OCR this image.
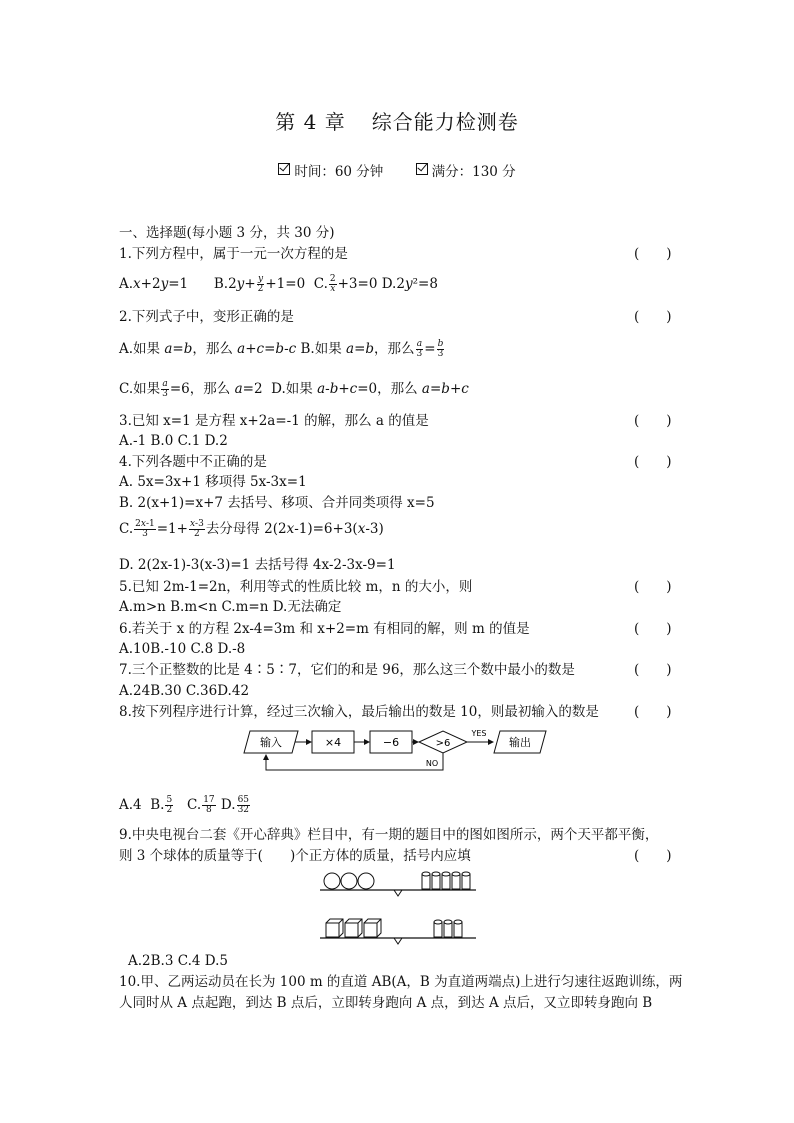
第 4 章 综合能力检测卷
时间：60 分钟	满分：130 分
一、选择题(每小题 3 分，共 30 分)
1.下列方程中，属于一元一次方程的是	(　　)
A.x+2y=1      $B.2y+ \frac{y}{2} +1=0$  C. $\frac{2}{x} +3=0$ D.2y²=8
2.下列式子中，变形正确的是	(　　)
A.如果 a=b，那么 a+c=b-c B.如果 a=b，那么 $\frac{a}{3} = \frac{b}{3}$
C.如果 $\frac{a}{3} =6$，那么 a=2  D.如果 a-b+c=0，那么 a=b+c
3.已知 x=1 是方程 x+2a=-1 的解，那么 a 的值是	(　　)
A.-1 B.0 C.1 D.2
4.下列各题中不正确的是	(　　)
A. 5x=3x+1 移项得 5x-3x=1
B. 2(x+1)=x+7 去括号、移项、合并同类项得 x=5
C. $\frac{2x-1}{3} =1+ \frac{x-3}{2}$ 去分母得 2(2x-1)=6+3(x-3)
D. 2(2x-1)-3(x-3)=1 去括号得 4x-2-3x-9=1
5.已知 2m-1=2n，利用等式的性质比较 m，n 的大小，则	(　　)
A.m>n B.m<n C.m=n D.无法确定
6.若关于 x 的方程 2x-4=3m 和 x+2=m 有相同的解，则 m 的值是	(　　)
A.10B.-10 C.8 D.-8
7.三个正整数的比是 4∶5∶7，它们的和是 96，那么这三个数中最小的数是	(　　)
A.24B.30 C.36D.42
8.按下列程序进行计算，经过三次输入，最后输出的数是 10，则最初输入的数是	(　　)
输入	×4	−6	>6
YES
输出
NO
A.4  B. $\frac{5}{2} C$. $\frac{17}{8} D$. $\frac{65}{32}$
9.中央电视台二套《开心辞典》栏目中，有一期的题目中的图如图所示，两个天平都平衡，
则 3 个球体的质量等于(　　)个正方体的质量，括号内应填	(　　)
A.2B.3 C.4 D.5
10.甲、乙两运动员在长为 100 m 的直道 AB(A，B 为直道两端点)上进行匀速往返跑训练，两
人同时从 A 点起跑，到达 B 点后，立即转身跑向 A 点，到达 A 点后，又立即转身跑向 B
